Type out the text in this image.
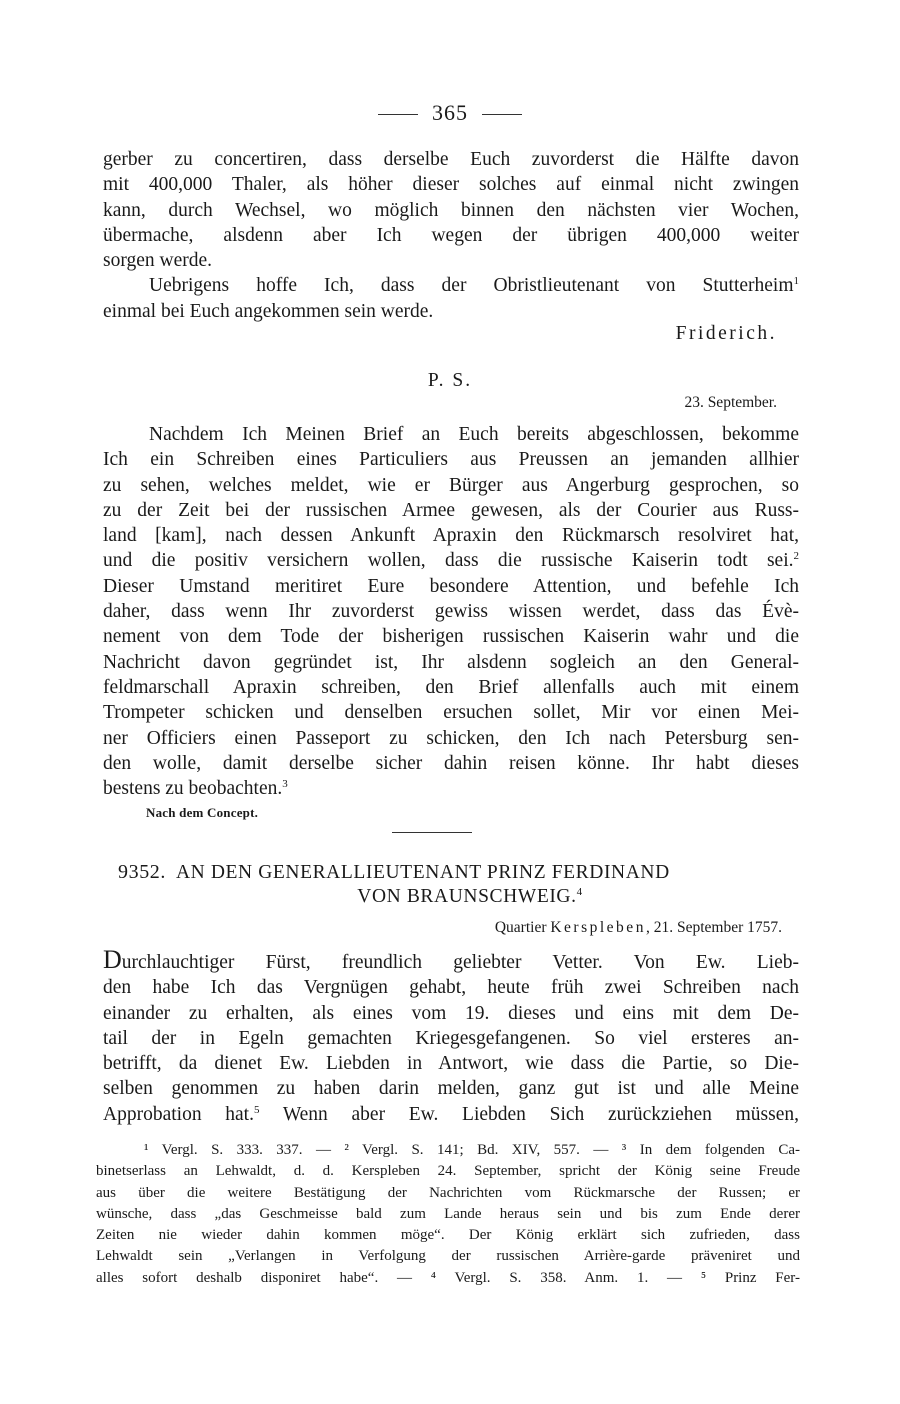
365
gerber zu concertiren, dass derselbe Euch zuvorderst die Hälfte davon
mit 400,000 Thaler, als höher dieser solches auf einmal nicht zwingen
kann, durch Wechsel, wo möglich binnen den nächsten vier Wochen,
übermache, alsdenn aber Ich wegen der übrigen 400,000 weiter
sorgen werde.
Uebrigens hoffe Ich, dass der Obristlieutenant von Stutterheim$^1$
einmal bei Euch angekommen sein werde.
Friderich.
P. S.
23. September.
Nachdem Ich Meinen Brief an Euch bereits abgeschlossen, bekomme
Ich ein Schreiben eines Particuliers aus Preussen an jemanden allhier
zu sehen, welches meldet, wie er Bürger aus Angerburg gesprochen, so
zu der Zeit bei der russischen Armee gewesen, als der Courier aus Russ-
land [kam], nach dessen Ankunft Apraxin den Rückmarsch resolviret hat,
und die positiv versichern wollen, dass die russische Kaiserin todt sei.$^2$
Dieser Umstand meritiret Eure besondere Attention, und befehle Ich
daher, dass wenn Ihr zuvorderst gewiss wissen werdet, dass das Évè-
nement von dem Tode der bisherigen russischen Kaiserin wahr und die
Nachricht davon gegründet ist, Ihr alsdenn sogleich an den General-
feldmarschall Apraxin schreiben, den Brief allenfalls auch mit einem
Trompeter schicken und denselben ersuchen sollet, Mir vor einen Mei-
ner Officiers einen Passeport zu schicken, den Ich nach Petersburg sen-
den wolle, damit derselbe sicher dahin reisen könne. Ihr habt dieses
bestens zu beobachten.$^3$
Nach dem Concept.
9352. AN DEN GENERALLIEUTENANT PRINZ FERDINAND
VON BRAUNSCHWEIG.$^4$
Quartier Kerspleben, 21. September 1757.
Durchlauchtiger Fürst, freundlich geliebter Vetter. Von Ew. Lieb-
den habe Ich das Vergnügen gehabt, heute früh zwei Schreiben nach
einander zu erhalten, als eines vom 19. dieses und eins mit dem De-
tail der in Egeln gemachten Kriegesgefangenen. So viel ersteres an-
betrifft, da dienet Ew. Liebden in Antwort, wie dass die Partie, so Die-
selben genommen zu haben darin melden, ganz gut ist und alle Meine
Approbation hat.$^5$ Wenn aber Ew. Liebden Sich zurückziehen müssen,
¹ Vergl. S. 333. 337. — ² Vergl. S. 141; Bd. XIV, 557. — ³ In dem folgenden Ca-
binetserlass an Lehwaldt, d. d. Kerspleben 24. September, spricht der König seine Freude
aus über die weitere Bestätigung der Nachrichten vom Rückmarsche der Russen; er
wünsche, dass „das Geschmeisse bald zum Lande heraus sein und bis zum Ende derer
Zeiten nie wieder dahin kommen möge“. Der König erklärt sich zufrieden, dass
Lehwaldt sein „Verlangen in Verfolgung der russischen Arrière-garde präveniret und
alles sofort deshalb disponiret habe“. — ⁴ Vergl. S. 358. Anm. 1. — ⁵ Prinz Fer-
